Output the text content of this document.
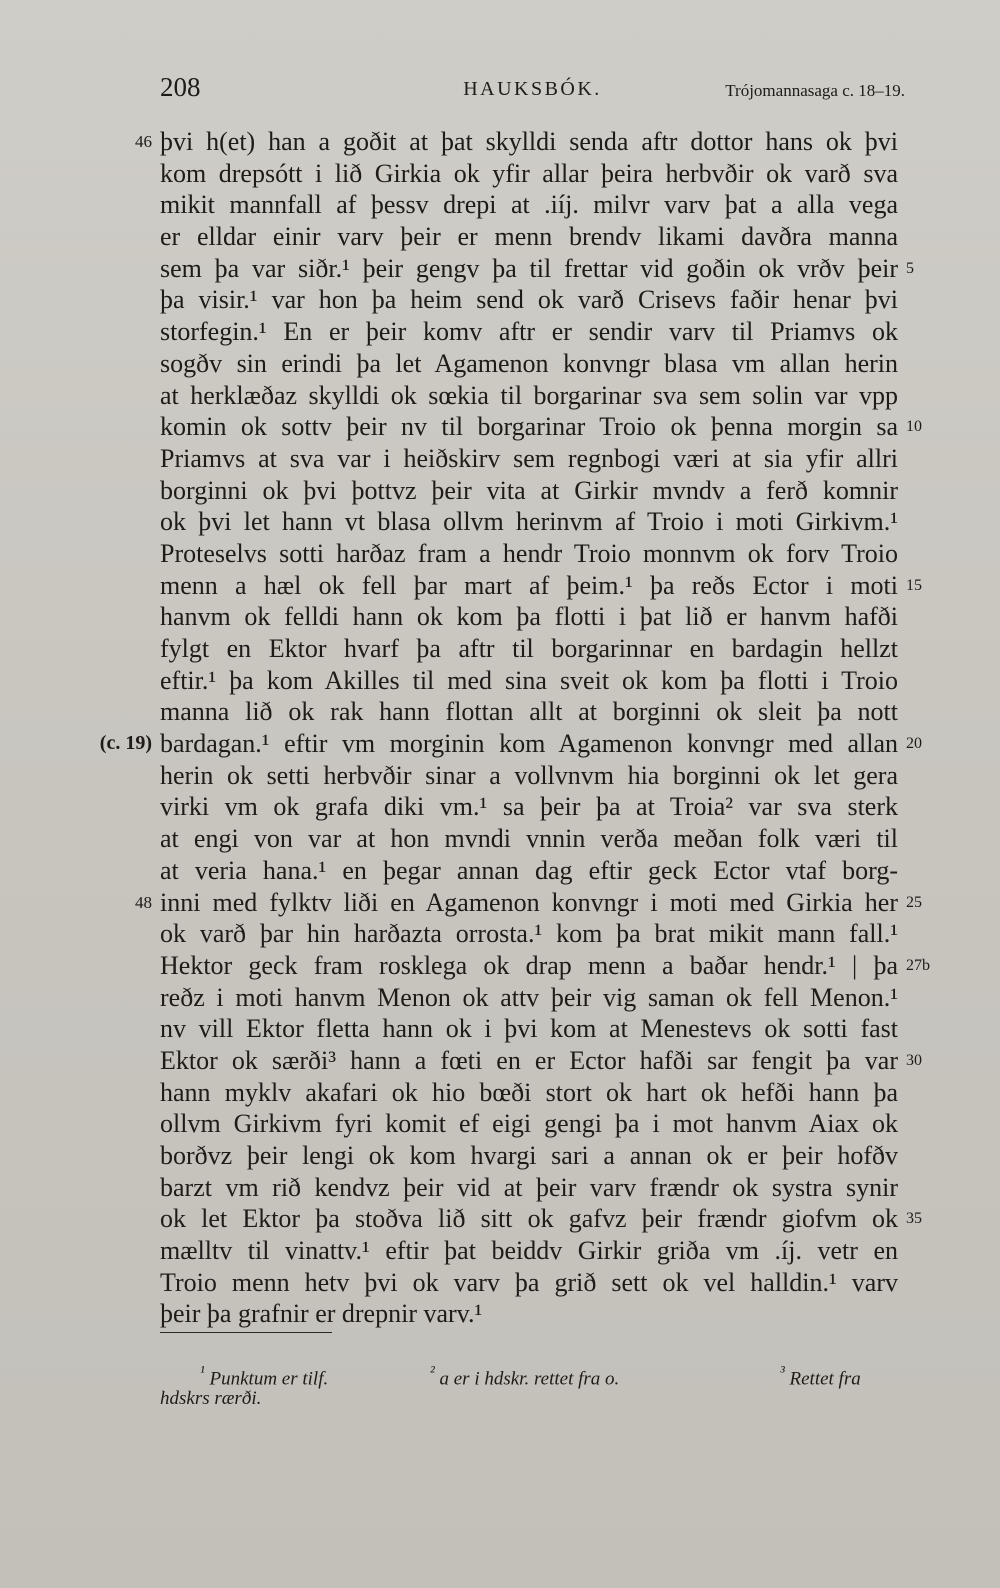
208	HAUKSBÓK.	Trójomannasaga c. 18–19.
þvi h(et) han a goðit at þat skylldi senda aftr dottor hans ok þvi
46
kom drepsótt i lið Girkia ok yfir allar þeira herbvðir ok varð sva
mikit mannfall af þessv drepi at .iíj. milvr varv þat a alla vega
er elldar einir varv þeir er menn brendv likami davðra manna
sem þa var siðr.¹ þeir gengv þa til frettar vid goðin ok vrðv þeir 5
þa visir.¹ var hon þa heim send ok varð Crisevs faðir henar þvi
storfegin.¹ En er þeir komv aftr er sendir varv til Priamvs ok
sogðv sin erindi þa let Agamenon konvngr blasa vm allan herin
at herklæðaz skylldi ok sœkia til borgarinar sva sem solin var vpp
komin ok sottv þeir nv til borgarinar Troio ok þenna morgin sa 10
Priamvs at sva var i heiðskirv sem regnbogi væri at sia yfir allri
borginni ok þvi þottvz þeir vita at Girkir mvndv a ferð komnir
ok þvi let hann vt blasa ollvm herinvm af Troio i moti Girkivm.¹
Proteselvs sotti harðaz fram a hendr Troio monnvm ok forv Troio
menn a hæl ok fell þar mart af þeim.¹ þa reðs Ector i moti 15
hanvm ok felldi hann ok kom þa flotti i þat lið er hanvm hafði
fylgt en Ektor hvarf þa aftr til borgarinnar en bardagin hellzt
eftir.¹ þa kom Akilles til med sina sveit ok kom þa flotti i Troio
manna lið ok rak hann flottan allt at borginni ok sleit þa nott
bardagan.¹ eftir vm morginin kom Agamenon konvngr med allan
(c. 19)	20
herin ok setti herbvðir sinar a vollvnvm hia borginni ok let gera
virki vm ok grafa diki vm.¹ sa þeir þa at Troia² var sva sterk
at engi von var at hon mvndi vnnin verða meðan folk væri til
at veria hana.¹ en þegar annan dag eftir geck Ector vtaf borg-
inni med fylktv liði en Agamenon konvngr i moti med Girkia her
48	25
ok varð þar hin harðazta orrosta.¹ kom þa brat mikit mann fall.¹
Hektor geck fram rosklega ok drap menn a baðar hendr.¹ | þa 27b
reðz i moti hanvm Menon ok attv þeir vig saman ok fell Menon.¹
nv vill Ektor fletta hann ok i þvi kom at Menestevs ok sotti fast
Ektor ok særði³ hann a fœti en er Ector hafði sar fengit þa var 30
hann myklv akafari ok hio bœði stort ok hart ok hefði hann þa
ollvm Girkivm fyri komit ef eigi gengi þa i mot hanvm Aiax ok
borðvz þeir lengi ok kom hvargi sari a annan ok er þeir hofðv
barzt vm rið kendvz þeir vid at þeir varv frændr ok systra synir
ok let Ektor þa stoðva lið sitt ok gafvz þeir frændr giofvm ok 35
mælltv til vinattv.¹ eftir þat beiddv Girkir griða vm .íj. vetr en
Troio menn hetv þvi ok varv þa grið sett ok vel halldin.¹ varv
þeir þa grafnir er drepnir varv.¹
$^{^1}$ Punktum er tilf.	$^{^2}$ a er i hdskr. rettet fra o.	$^{^3}$ Rettet fra
hdskrs rærði.
